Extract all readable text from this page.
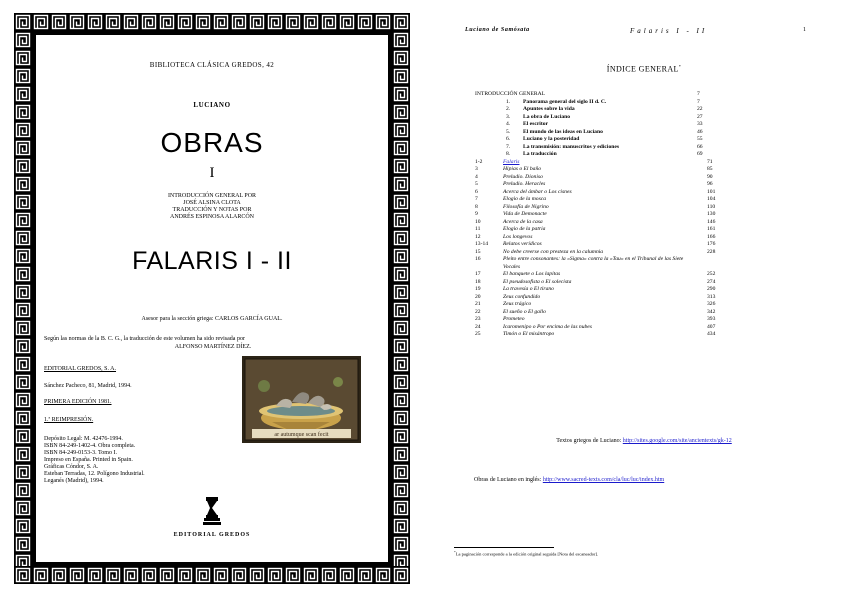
BIBLIOTECA CLÁSICA GREDOS, 42
LUCIANO
OBRAS
I
INTRODUCCIÓN GENERAL POR
JOSÉ ALSINA CLOTA
TRADUCCIÓN Y NOTAS POR
ANDRÉS ESPINOSA ALARCÓN
FALARIS I - II
Asesor para la sección griega: CARLOS GARCÍA GUAL.
Según las normas de la B. C. G., la traducción de este volumen ha sido revisada por
ALFONSO MARTÍNEZ DÍEZ.
EDITORIAL GREDOS, S. A.
Sánchez Pacheco, 81, Madrid, 1994.
PRIMERA EDICIÓN 1981.
1.ª REIMPRESIÓN.
Depósito Legal: M. 42476-1994.
ISBN 84-249-1402-4. Obra completa.
ISBN 84-249-0153-3. Tomo I.
Impreso en España. Printed in Spain.
Gráficas Cóndor, S. A.
Esteban Terradas, 12. Polígono Industrial.
Leganés (Madrid), 1994.
ar autumque scan fecit
EDITORIAL GREDOS
Luciano de Samósata	Falaris I - II	1
ÍNDICE GENERAL*
INTRODUCCIÓN GENERAL	7
1. Panorama general del siglo II d. C.	7
2. Apuntes sobre la vida	22
3. La obra de Luciano	27
4. El escritor	33
5. El mundo de las ideas en Luciano	46
6. Luciano y la posteridad	55
7. La transmisión: manuscritos y ediciones	66
8. La traducción	69
1-2	Falaris	71
3	Hipias o El baño	85
4	Preludio. Dioniso	90
5	Preludio. Heracles	96
6	Acerca del ámbar o Los cisnes	101
7	Elogio de la mosca	104
8	Filosofía de Nigrino	110
9	Vida de Demonacte	130
10	Acerca de la casa	146
11	Elogio de la patria	161
12	Los longevos	166
13-14	Relatos verídicos	176
15	No debe creerse con presteza en la calumnia	228
16	Pleito entre consonantes: la «Sigma» contra la «Tau» en el Tribunal de las Siete
Vocales
17	El banquete o Los lapitas	252
18	El pseudosofista o El solecista	274
19	La travesía o El tirano	290
20	Zeus confundido	313
21	Zeus trágico	326
22	El sueño o El gallo	342
23	Prometeo	393
24	Icaromenipo o Por encima de las nubes	407
25	Timón o El misántropo	434
Textos griegos de Luciano: http://sites.google.com/site/ancientexts/gk-12
Obras de Luciano en inglés: http://www.sacred-texts.com/cla/luc/luc/index.htm
*La paginación corresponde a la edición original seguida [Nota del escaneador].
